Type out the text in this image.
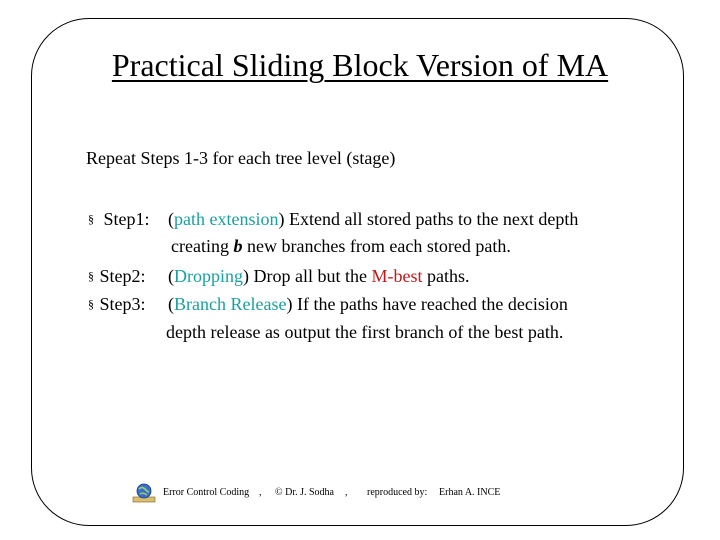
Practical Sliding Block Version of MA
Repeat Steps 1-3 for each tree level (stage)
§ Step1: (path extension) Extend all stored paths to the next depth
creating b new branches from each stored path.
§ Step2: (Dropping) Drop all but the M-best paths.
§ Step3: (Branch Release) If the paths have reached the decision
depth release as output the first branch of the best path.
Error Control Coding , © Dr. J. Sodha , reproduced by: Erhan A. INCE
